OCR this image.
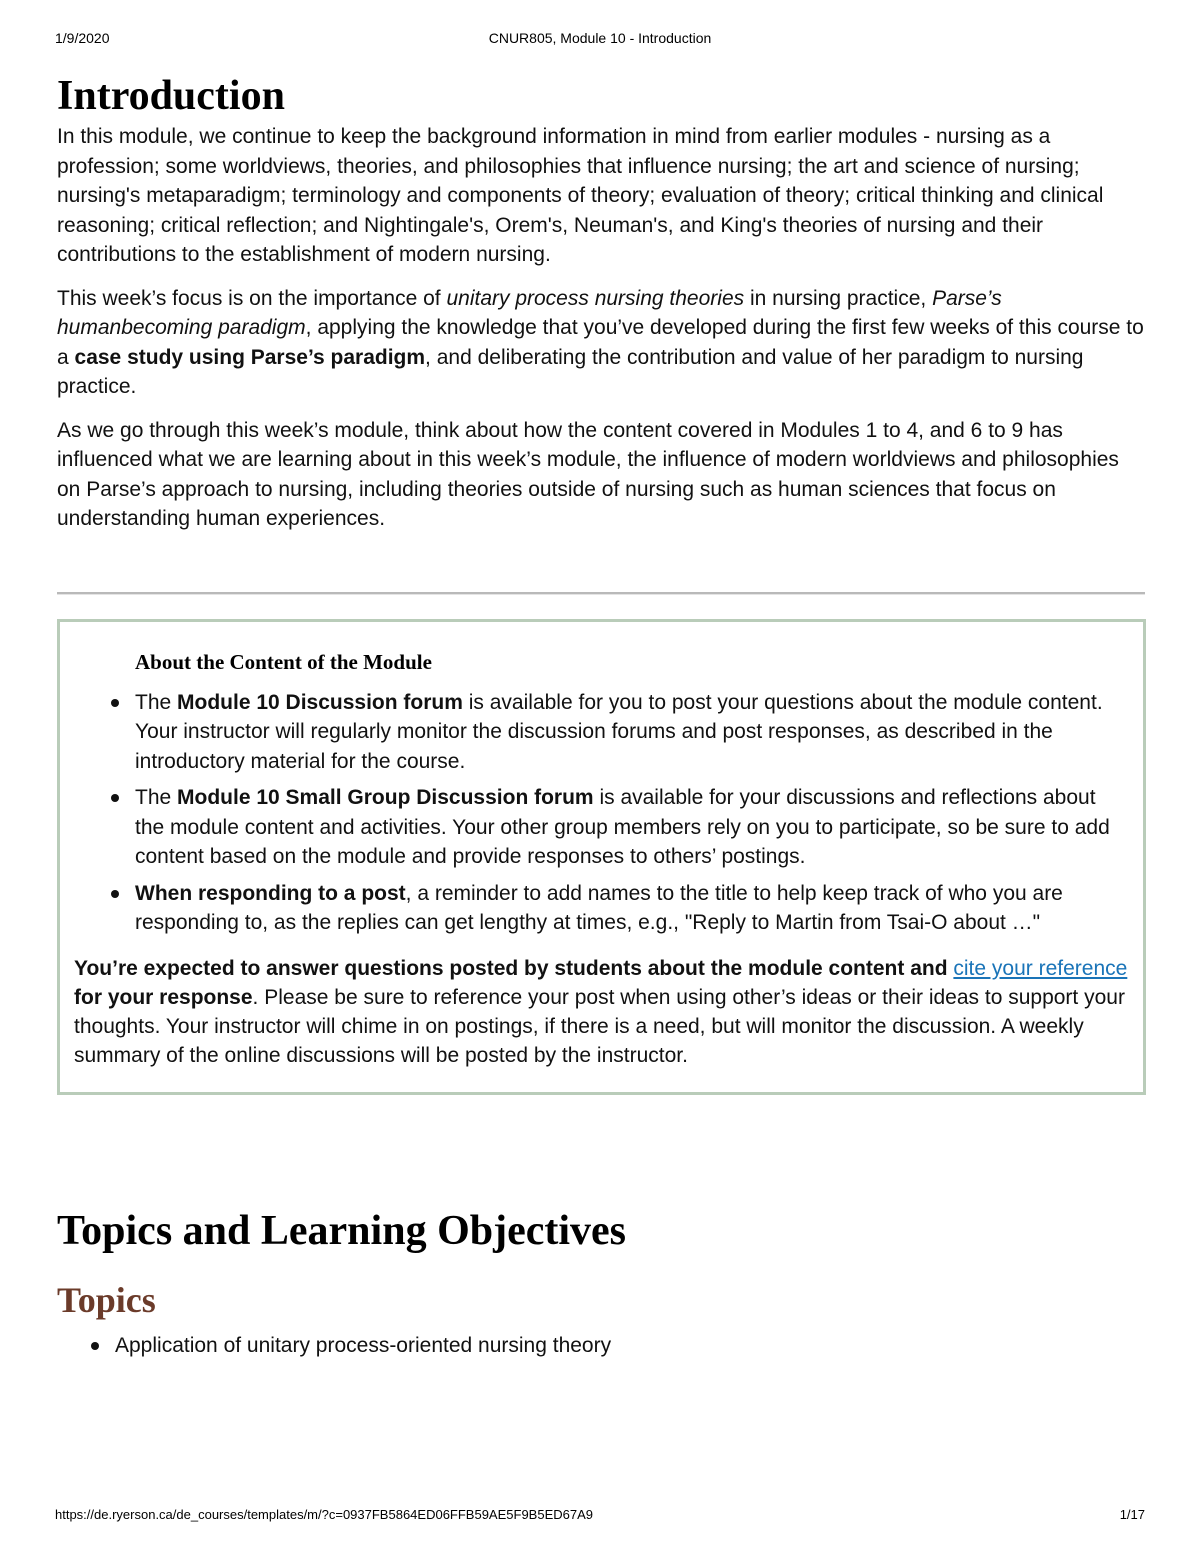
1/9/2020	CNUR805, Module 10 - Introduction
Introduction

In this module, we continue to keep the background information in mind from earlier modules - nursing as a profession; some worldviews, theories, and philosophies that influence nursing; the art and science of nursing; nursing's metaparadigm; terminology and components of theory; evaluation of theory; critical thinking and clinical reasoning; critical reflection; and Nightingale's, Orem's, Neuman's, and King's theories of nursing and their contributions to the establishment of modern nursing.

This week’s focus is on the importance of unitary process nursing theories in nursing practice, Parse’s humanbecoming paradigm, applying the knowledge that you’ve developed during the first few weeks of this course to a case study using Parse’s paradigm, and deliberating the contribution and value of her paradigm to nursing practice.

As we go through this week’s module, think about how the content covered in Modules 1 to 4, and 6 to 9 has influenced what we are learning about in this week’s module, the influence of modern worldviews and philosophies on Parse’s approach to nursing, including theories outside of nursing such as human sciences that focus on understanding human experiences.

About the Content of the Module
The Module 10 Discussion forum is available for you to post your questions about the module content. Your instructor will regularly monitor the discussion forums and post responses, as described in the introductory material for the course.
The Module 10 Small Group Discussion forum is available for your discussions and reflections about the module content and activities. Your other group members rely on you to participate, so be sure to add content based on the module and provide responses to others’ postings.
When responding to a post, a reminder to add names to the title to help keep track of who you are responding to, as the replies can get lengthy at times, e.g., "Reply to Martin from Tsai-O about …"

You’re expected to answer questions posted by students about the module content and cite your reference for your response. Please be sure to reference your post when using other’s ideas or their ideas to support your thoughts. Your instructor will chime in on postings, if there is a need, but will monitor the discussion. A weekly summary of the online discussions will be posted by the instructor.

Topics and Learning Objectives
Topics
Application of unitary process-oriented nursing theory
https://de.ryerson.ca/de_courses/templates/m/?c=0937FB5864ED06FFB59AE5F9B5ED67A9	1/17
